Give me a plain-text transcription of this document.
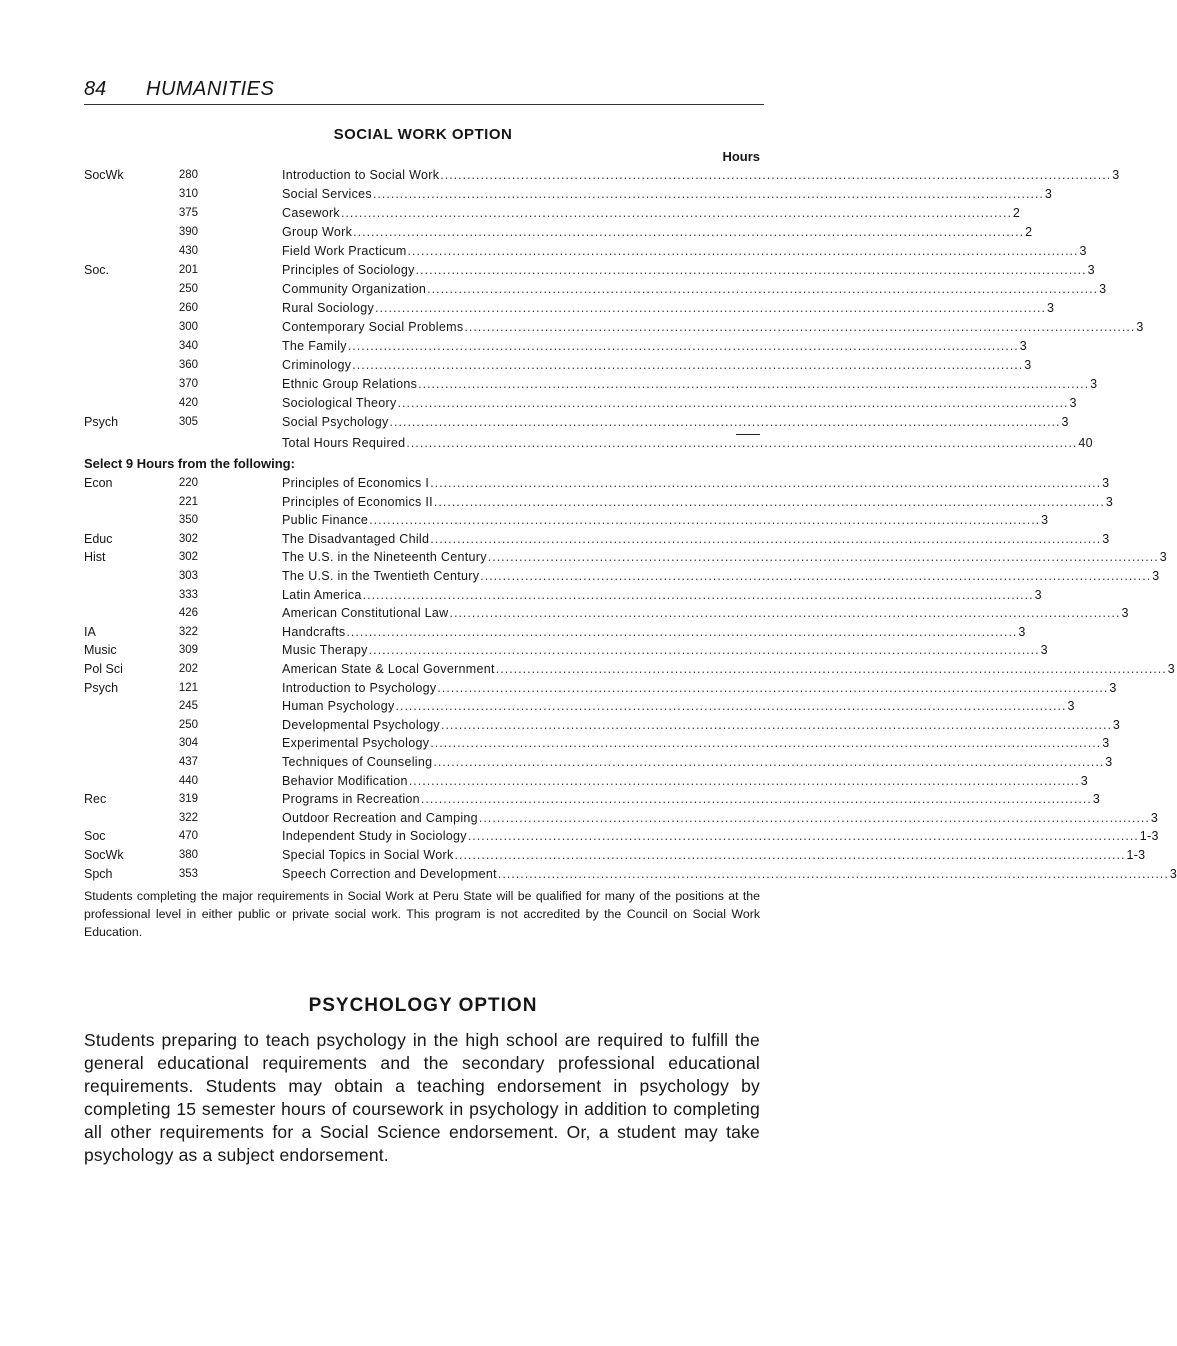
84 HUMANITIES
SOCIAL WORK OPTION
Hours
SocWk	280	Introduction to Social Work ...................................................................................................................................................... 3
310	Social Services ...................................................................................................................................................... 3
375	Casework ...................................................................................................................................................... 2
390	Group Work ...................................................................................................................................................... 2
430	Field Work Practicum ...................................................................................................................................................... 3
Soc.	201	Principles of Sociology ...................................................................................................................................................... 3
250	Community Organization ...................................................................................................................................................... 3
260	Rural Sociology ...................................................................................................................................................... 3
300	Contemporary Social Problems ...................................................................................................................................................... 3
340	The Family ...................................................................................................................................................... 3
360	Criminology ...................................................................................................................................................... 3
370	Ethnic Group Relations ...................................................................................................................................................... 3
420	Sociological Theory ...................................................................................................................................................... 3
Psych	305	Social Psychology ...................................................................................................................................................... 3
Total Hours Required ...................................................................................................................................................... 40
Select 9 Hours from the following:
Econ	220	Principles of Economics I ...................................................................................................................................................... 3
221	Principles of Economics II ...................................................................................................................................................... 3
350	Public Finance ...................................................................................................................................................... 3
Educ	302	The Disadvantaged Child ...................................................................................................................................................... 3
Hist	302	The U.S. in the Nineteenth Century ...................................................................................................................................................... 3
303	The U.S. in the Twentieth Century ...................................................................................................................................................... 3
333	Latin America ...................................................................................................................................................... 3
426	American Constitutional Law ...................................................................................................................................................... 3
IA	322	Handcrafts ...................................................................................................................................................... 3
Music	309	Music Therapy ...................................................................................................................................................... 3
Pol Sci	202	American State & Local Government ...................................................................................................................................................... 3
Psych	121	Introduction to Psychology ...................................................................................................................................................... 3
245	Human Psychology ...................................................................................................................................................... 3
250	Developmental Psychology ...................................................................................................................................................... 3
304	Experimental Psychology ...................................................................................................................................................... 3
437	Techniques of Counseling ...................................................................................................................................................... 3
440	Behavior Modification ...................................................................................................................................................... 3
Rec	319	Programs in Recreation ...................................................................................................................................................... 3
322	Outdoor Recreation and Camping ...................................................................................................................................................... 3
Soc	470	Independent Study in Sociology ...................................................................................................................................................... 1-3
SocWk	380	Special Topics in Social Work ...................................................................................................................................................... 1-3
Spch	353	Speech Correction and Development ...................................................................................................................................................... 3
Students completing the major requirements in Social Work at Peru State will be qualified for many of the positions at the professional level in either public or private social work. This program is not accredited by the Council on Social Work Education.
PSYCHOLOGY OPTION
Students preparing to teach psychology in the high school are required to fulfill the general educational requirements and the secondary professional educational requirements. Students may obtain a teaching endorsement in psychology by completing 15 semester hours of coursework in psychology in addition to completing all other requirements for a Social Science endorsement. Or, a student may take psychology as a subject endorsement.
